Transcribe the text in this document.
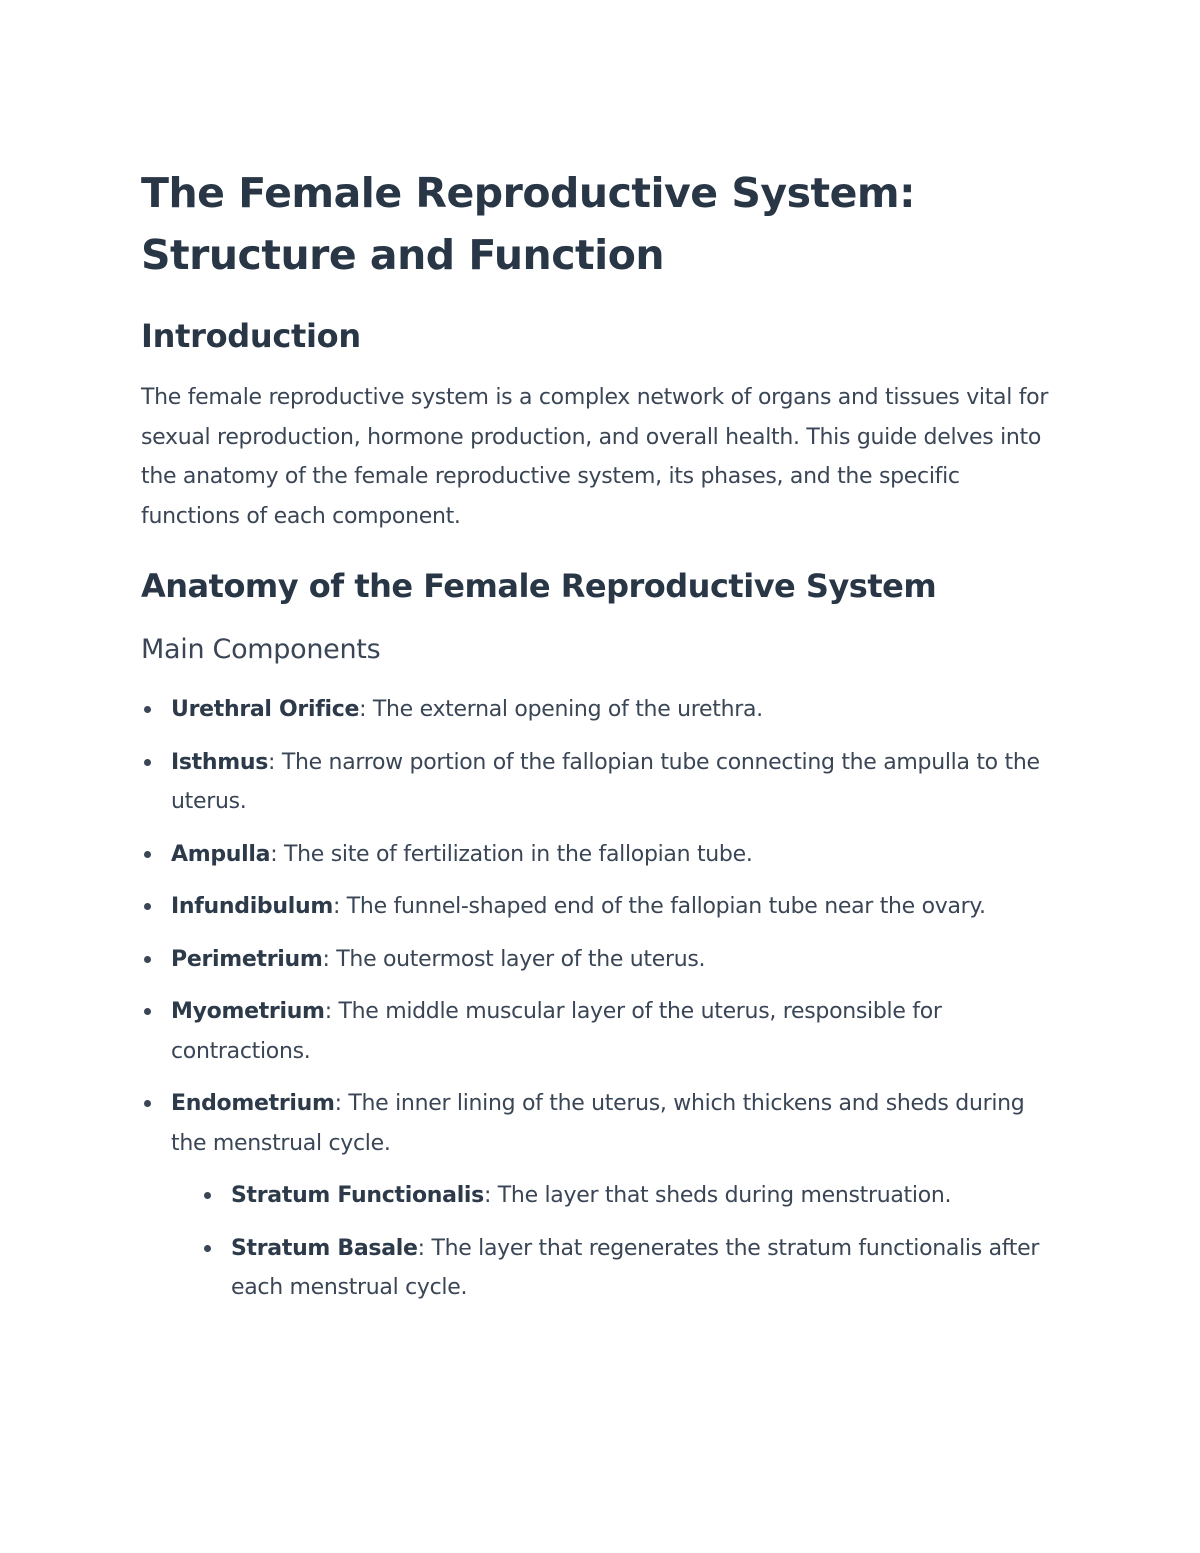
The Female Reproductive System: Structure and Function
Introduction

The female reproductive system is a complex network of organs and tissues vital for sexual reproduction, hormone production, and overall health. This guide delves into the anatomy of the female reproductive system, its phases, and the specific functions of each component.

Anatomy of the Female Reproductive System
Main Components
Urethral Orifice: The external opening of the urethra.
Isthmus: The narrow portion of the fallopian tube connecting the ampulla to the uterus.
Ampulla: The site of fertilization in the fallopian tube.
Infundibulum: The funnel-shaped end of the fallopian tube near the ovary.
Perimetrium: The outermost layer of the uterus.
Myometrium: The middle muscular layer of the uterus, responsible for contractions.
Endometrium: The inner lining of the uterus, which thickens and sheds during the menstrual cycle.
Stratum Functionalis: The layer that sheds during menstruation.
Stratum Basale: The layer that regenerates the stratum functionalis after each menstrual cycle.
